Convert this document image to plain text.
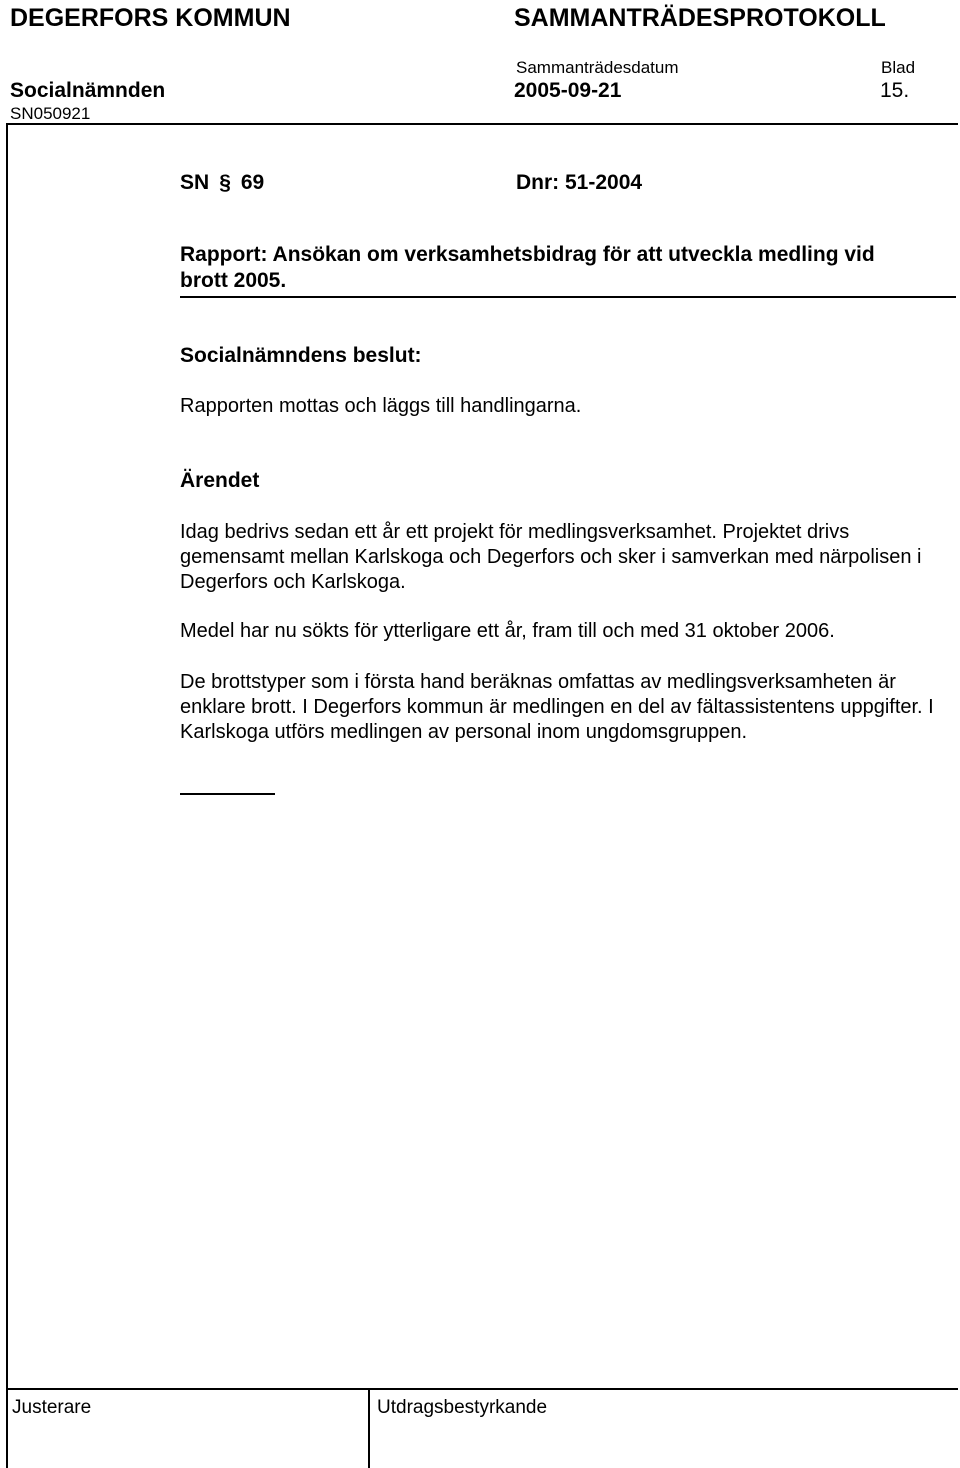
DEGERFORS KOMMUN	SAMMANTRÄDESPROTOKOLL
Sammanträdesdatum	Blad
Socialnämnden	2005-09-21	15.
SN050921
SN § 69	Dnr: 51-2004
Rapport: Ansökan om verksamhetsbidrag för att utveckla medling vid brott 2005.
Socialnämndens beslut:
Rapporten mottas och läggs till handlingarna.
Ärendet
Idag bedrivs sedan ett år ett projekt för medlingsverksamhet. Projektet drivs gemensamt mellan Karlskoga och Degerfors och sker i samverkan med närpolisen i Degerfors och Karlskoga.
Medel har nu sökts för ytterligare ett år, fram till och med 31 oktober 2006.
De brottstyper som i första hand beräknas omfattas av medlingsverksamheten är enklare brott. I Degerfors kommun är medlingen en del av fältassistentens uppgifter. I Karlskoga utförs medlingen av personal inom ungdomsgruppen.
Justerare	Utdragsbestyrkande
